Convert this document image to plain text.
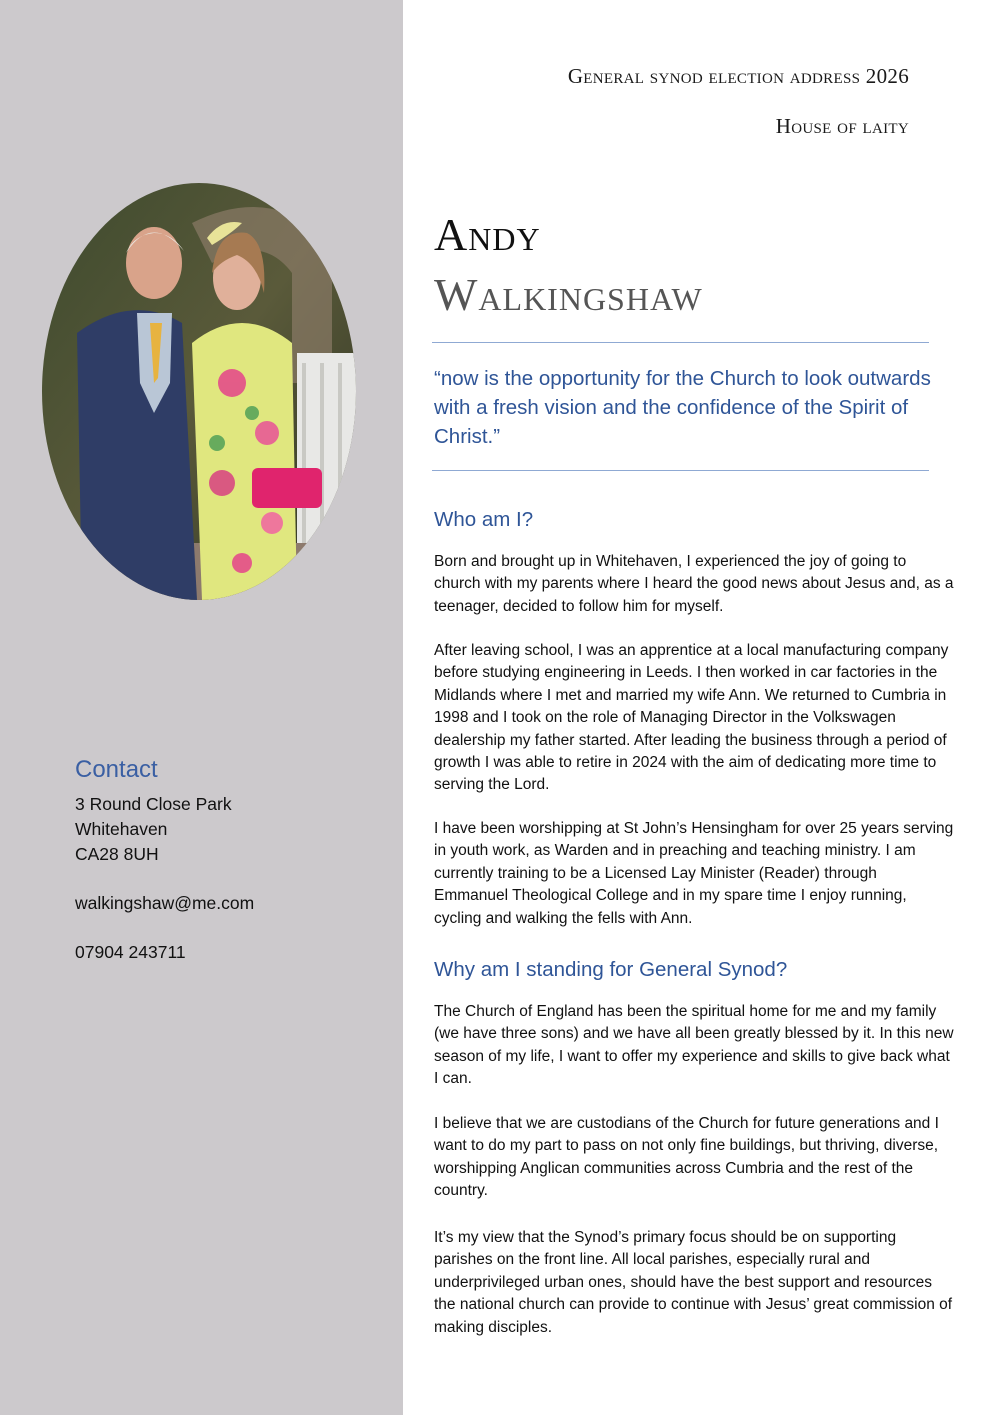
Contact

3 Round Close Park

Whitehaven

CA28 8UH

walkingshaw@me.com

07904 243711

General synod election address 2026

House of laity

Andy
Walkingshaw

“now is the opportunity for the Church to look outwards with a fresh vision and the confidence of the Spirit of Christ.”

Who am I?

Born and brought up in Whitehaven, I experienced the joy of going to church with my parents where I heard the good news about Jesus and, as a teenager, decided to follow him for myself.

After leaving school, I was an apprentice at a local manufacturing company before studying engineering in Leeds. I then worked in car factories in the Midlands where I met and married my wife Ann. We returned to Cumbria in 1998 and I took on the role of Managing Director in the Volkswagen dealership my father started. After leading the business through a period of growth I was able to retire in 2024 with the aim of dedicating more time to serving the Lord.

I have been worshipping at St John’s Hensingham for over 25 years serving in youth work, as Warden and in preaching and teaching ministry. I am currently training to be a Licensed Lay Minister (Reader) through Emmanuel Theological College and in my spare time I enjoy running, cycling and walking the fells with Ann.

Why am I standing for General Synod?

The Church of England has been the spiritual home for me and my family (we have three sons) and we have all been greatly blessed by it. In this new season of my life, I want to offer my experience and skills to give back what I can.

I believe that we are custodians of the Church for future generations and I want to do my part to pass on not only fine buildings, but thriving, diverse, worshipping Anglican communities across Cumbria and the rest of the country.

It’s my view that the Synod’s primary focus should be on supporting parishes on the front line. All local parishes, especially rural and underprivileged urban ones, should have the best support and resources the national church can provide to continue with Jesus’ great commission of making disciples.
